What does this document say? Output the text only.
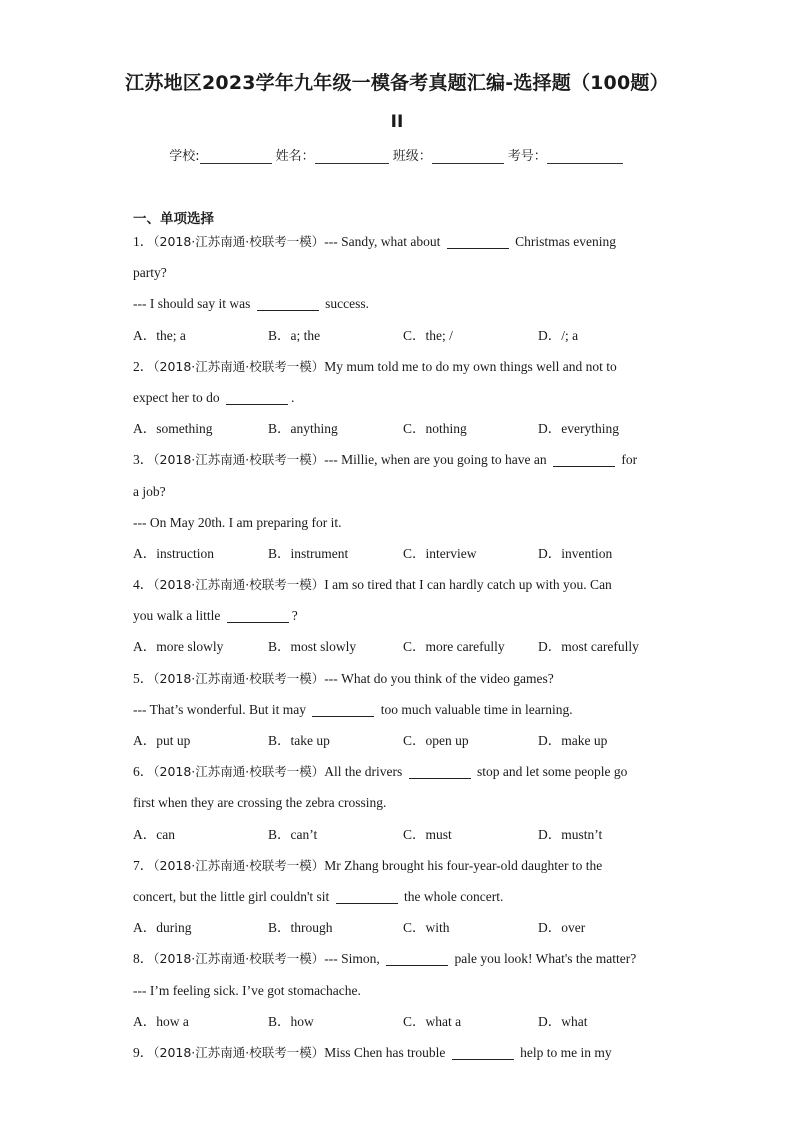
江苏地区2023学年九年级一模备考真题汇编-选择题（100题）
II
学校:	姓名：	班级：	考号：
一、单项选择
1．（2018·江苏南通·校联考一模）--- Sandy, what about	Christmas evening
party?
--- I should say it was	success.
A．the; a	B．a; the	C．the; /	D．/; a
2．（2018·江苏南通·校联考一模）My mum told me to do my own things well and not to
expect her to do	.
A．something	B．anything	C．nothing	D．everything
3．（2018·江苏南通·校联考一模）--- Millie, when are you going to have an	for
a job?
--- On May 20th. I am preparing for it.
A．instruction	B．instrument	C．interview	D．invention
4．（2018·江苏南通·校联考一模）I am so tired that I can hardly catch up with you. Can
you walk a little	?
A．more slowly	B．most slowly	C．more carefully	D．most carefully
5．（2018·江苏南通·校联考一模）--- What do you think of the video games?
--- That’s wonderful. But it may	too much valuable time in learning.
A．put up	B．take up	C．open up	D．make up
6．（2018·江苏南通·校联考一模）All the drivers	stop and let some people go
first when they are crossing the zebra crossing.
A．can	B．can’t	C．must	D．mustn’t
7．（2018·江苏南通·校联考一模）Mr Zhang brought his four-year-old daughter to the
concert, but the little girl couldn't sit	the whole concert.
A．during	B．through	C．with	D．over
8．（2018·江苏南通·校联考一模）--- Simon,	pale you look! What's the matter?
--- I’m feeling sick. I’ve got stomachache.
A．how a	B．how	C．what a	D．what
9．（2018·江苏南通·校联考一模）Miss Chen has trouble	help to me in my
